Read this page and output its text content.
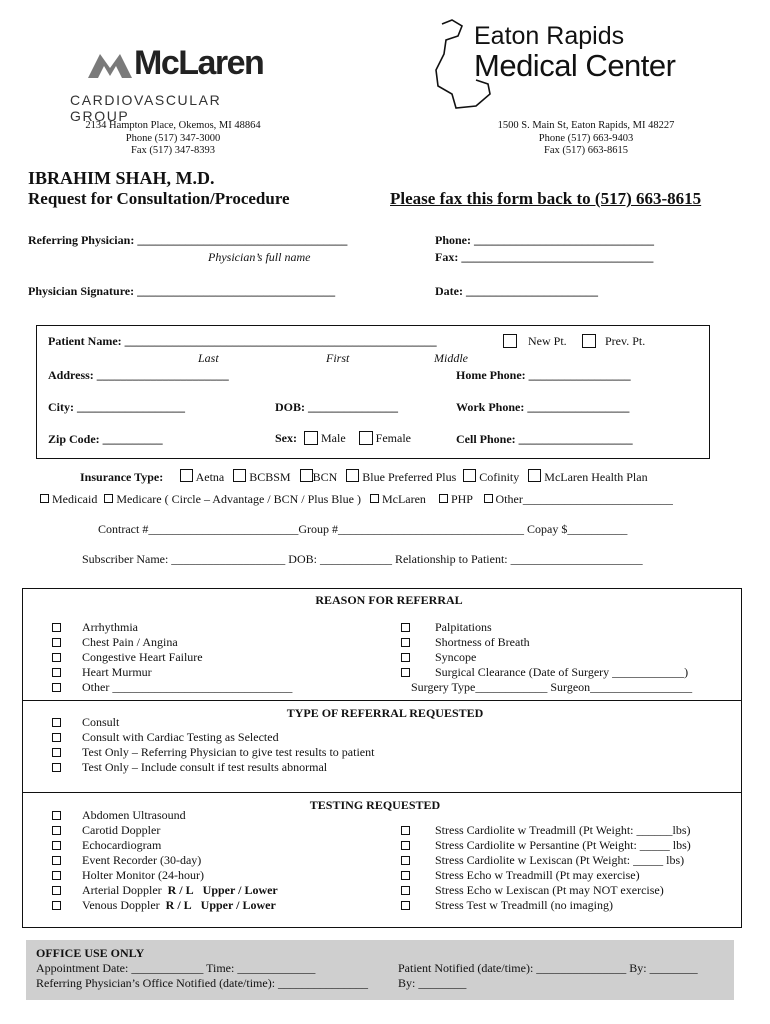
McLaren
CARDIOVASCULAR GROUP
2134 Hampton Place, Okemos, MI 48864
Phone (517) 347-3000
Fax (517) 347-8393
Eaton Rapids
Medical Center
1500 S. Main St, Eaton Rapids, MI 48227
Phone (517) 663-9403
Fax (517) 663-8615
IBRAHIM SHAH, M.D.
Request for Consultation/Procedure	Please fax this form back to (517) 663-8615
Referring Physician: ___________________________________
Physician’s full name
Phone: ______________________________
Fax: ________________________________
Physician Signature: _________________________________	Date: ______________________
Patient Name: ____________________________________________________	New Pt.	Prev. Pt.
Last	First	Middle
Address: ______________________	Home Phone: _________________
City: __________________	DOB: _______________	Work Phone: _________________
Zip Code: __________	Sex: Male	Female	Cell Phone: ___________________
Insurance Type:	Aetna BCBSM BCN Blue Preferred Plus Cofinity McLaren Health Plan
Medicaid Medicare ( Circle – Advantage / BCN / Plus Blue ) McLaren PHP Other_________________________
Contract #_________________________Group #_______________________________ Copay $__________
Subscriber Name: ___________________ DOB: ____________ Relationship to Patient: ______________________
REASON FOR REFERRAL
Arrhythmia
Chest Pain / Angina
Congestive Heart Failure
Heart Murmur
Other ______________________________
Palpitations
Shortness of Breath
Syncope
Surgical Clearance (Date of Surgery ____________)
Surgery Type____________ Surgeon_________________
TYPE OF REFERRAL REQUESTED
Consult
Consult with Cardiac Testing as Selected
Test Only – Referring Physician to give test results to patient
Test Only – Include consult if test results abnormal
TESTING REQUESTED
Abdomen Ultrasound
Carotid Doppler
Echocardiogram
Event Recorder (30-day)
Holter Monitor (24-hour)
Arterial Doppler R / L Upper / Lower
Venous Doppler R / L Upper / Lower
Stress Cardiolite w Treadmill (Pt Weight: ______lbs)
Stress Cardiolite w Persantine (Pt Weight: _____ lbs)
Stress Cardiolite w Lexiscan (Pt Weight: _____ lbs)
Stress Echo w Treadmill (Pt may exercise)
Stress Echo w Lexiscan (Pt may NOT exercise)
Stress Test w Treadmill (no imaging)
OFFICE USE ONLY
Appointment Date: ____________ Time: _____________
Referring Physician’s Office Notified (date/time): _______________
Patient Notified (date/time): _______________ By: ________
By: ________
